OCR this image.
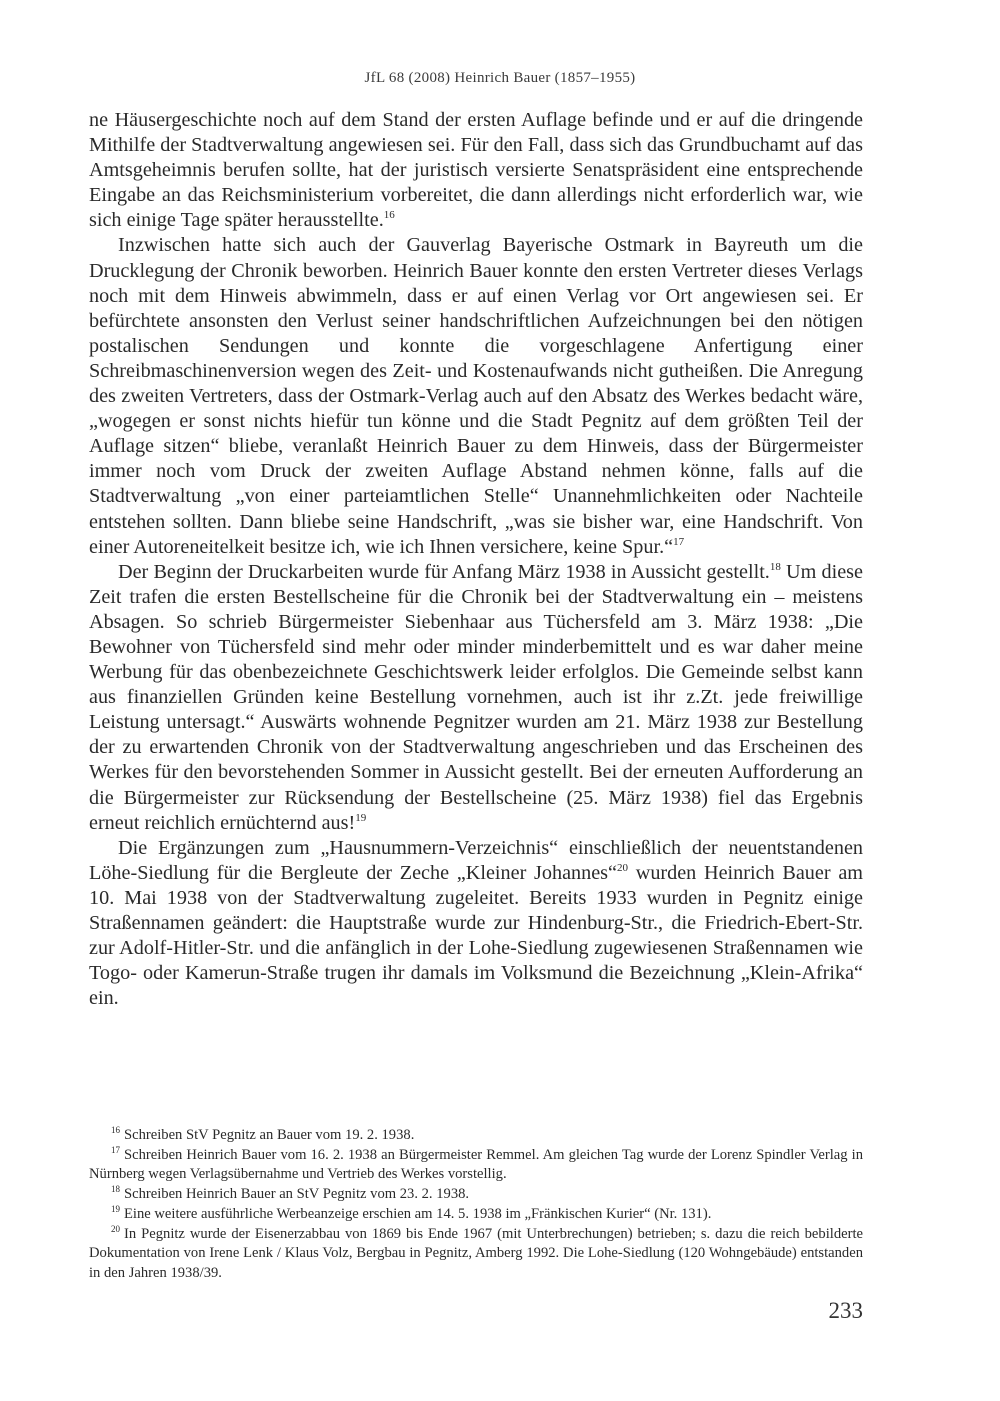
JfL 68 (2008) Heinrich Bauer (1857–1955)

ne Häusergeschichte noch auf dem Stand der ersten Auflage befinde und er auf die dringende Mithilfe der Stadtverwaltung angewiesen sei. Für den Fall, dass sich das Grundbuchamt auf das Amtsgeheimnis berufen sollte, hat der juristisch versierte Senatspräsident eine entsprechende Eingabe an das Reichsministerium vorbereitet, die dann allerdings nicht erforderlich war, wie sich einige Tage später herausstellte.$^{16}$

Inzwischen hatte sich auch der Gauverlag Bayerische Ostmark in Bayreuth um die Drucklegung der Chronik beworben. Heinrich Bauer konnte den ersten Vertreter dieses Verlags noch mit dem Hinweis abwimmeln, dass er auf einen Verlag vor Ort angewiesen sei. Er befürchtete ansonsten den Verlust seiner handschriftlichen Aufzeichnungen bei den nötigen postalischen Sendungen und konnte die vorgeschlagene Anfertigung einer Schreibmaschinenversion wegen des Zeit- und Kostenaufwands nicht gutheißen. Die Anregung des zweiten Vertreters, dass der Ostmark-Verlag auch auf den Absatz des Werkes bedacht wäre, „wogegen er sonst nichts hiefür tun könne und die Stadt Pegnitz auf dem größten Teil der Auflage sitzen“ bliebe, veranlaßt Heinrich Bauer zu dem Hinweis, dass der Bürgermeister immer noch vom Druck der zweiten Auflage Abstand nehmen könne, falls auf die Stadtverwaltung „von einer parteiamtlichen Stelle“ Unannehmlichkeiten oder Nachteile entstehen sollten. Dann bliebe seine Handschrift, „was sie bisher war, eine Handschrift. Von einer Autoreneitelkeit besitze ich, wie ich Ihnen versichere, keine Spur.“$^{17}$

Der Beginn der Druckarbeiten wurde für Anfang März 1938 in Aussicht gestellt.$^{18}$ Um diese Zeit trafen die ersten Bestellscheine für die Chronik bei der Stadtverwaltung ein – meistens Absagen. So schrieb Bürgermeister Siebenhaar aus Tüchersfeld am 3. März 1938: „Die Bewohner von Tüchersfeld sind mehr oder minder minderbemittelt und es war daher meine Werbung für das obenbezeichnete Geschichtswerk leider erfolglos. Die Gemeinde selbst kann aus finanziellen Gründen keine Bestellung vornehmen, auch ist ihr z.Zt. jede freiwillige Leistung untersagt.“ Auswärts wohnende Pegnitzer wurden am 21. März 1938 zur Bestellung der zu erwartenden Chronik von der Stadtverwaltung angeschrieben und das Erscheinen des Werkes für den bevorstehenden Sommer in Aussicht gestellt. Bei der erneuten Aufforderung an die Bürgermeister zur Rücksendung der Bestellscheine (25. März 1938) fiel das Ergebnis erneut reichlich ernüchternd aus!$^{19}$

Die Ergänzungen zum „Hausnummern-Verzeichnis“ einschließlich der neuentstandenen Löhe-Siedlung für die Bergleute der Zeche „Kleiner Johannes“$^{20}$ wurden Heinrich Bauer am 10. Mai 1938 von der Stadtverwaltung zugeleitet. Bereits 1933 wurden in Pegnitz einige Straßennamen geändert: die Hauptstraße wurde zur Hindenburg-Str., die Friedrich-Ebert-Str. zur Adolf-Hitler-Str. und die anfänglich in der Lohe-Siedlung zugewiesenen Straßennamen wie Togo- oder Kamerun-Straße trugen ihr damals im Volksmund die Bezeichnung „Klein-Afrika“ ein.

$^{16}$ Schreiben StV Pegnitz an Bauer vom 19. 2. 1938.

$^{17}$ Schreiben Heinrich Bauer vom 16. 2. 1938 an Bürgermeister Remmel. Am gleichen Tag wurde der Lorenz Spindler Verlag in Nürnberg wegen Verlagsübernahme und Vertrieb des Werkes vorstellig.

$^{18}$ Schreiben Heinrich Bauer an StV Pegnitz vom 23. 2. 1938.

$^{19}$ Eine weitere ausführliche Werbeanzeige erschien am 14. 5. 1938 im „Fränkischen Kurier“ (Nr. 131).

$^{20}$ In Pegnitz wurde der Eisenerzabbau von 1869 bis Ende 1967 (mit Unterbrechungen) betrieben; s. dazu die reich bebilderte Dokumentation von Irene Lenk / Klaus Volz, Bergbau in Pegnitz, Amberg 1992. Die Lohe-Siedlung (120 Wohngebäude) entstanden in den Jahren 1938/39.

233
